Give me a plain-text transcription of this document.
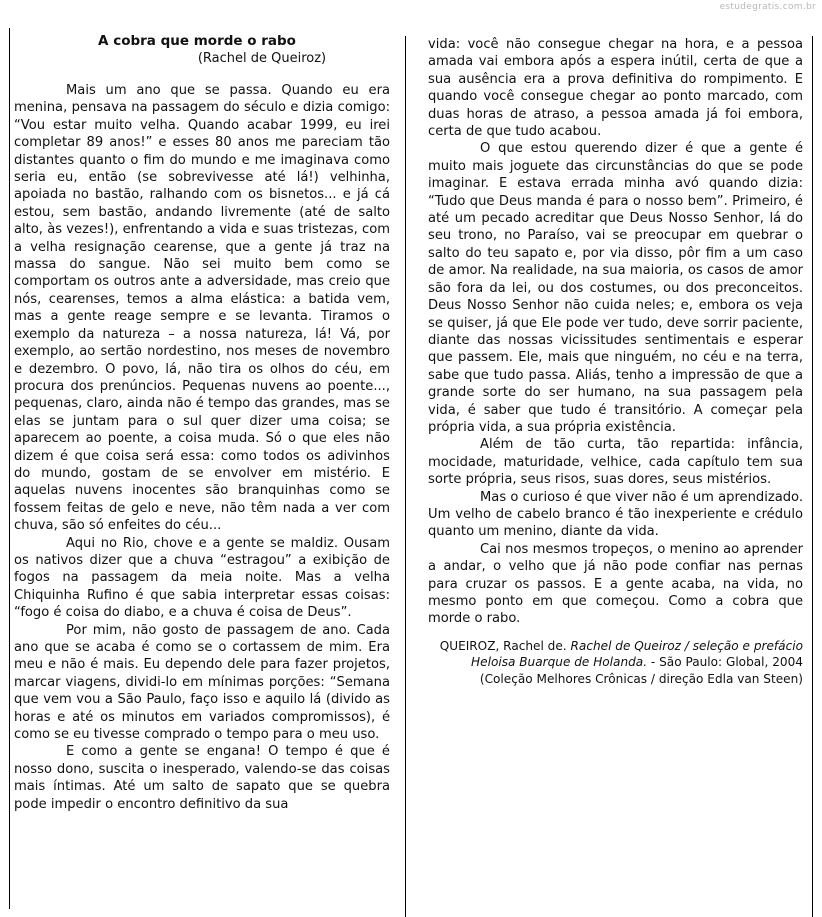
estudegratis.com.br
A cobra que morde o rabo

(Rachel de Queiroz)

Mais um ano que se passa. Quando eu era menina, pensava na passagem do século e dizia comigo: “Vou estar muito velha. Quando acabar 1999, eu irei completar 89 anos!” e esses 80 anos me pareciam tão distantes quanto o fim do mundo e me imaginava como seria eu, então (se sobrevivesse até lá!) velhinha, apoiada no bastão, ralhando com os bisnetos... e já cá estou, sem bastão, andando livremente (até de salto alto, às vezes!), enfrentando a vida e suas tristezas, com a velha resignação cearense, que a gente já traz na massa do sangue. Não sei muito bem como se comportam os outros ante a adversidade, mas creio que nós, cearenses, temos a alma elástica: a batida vem, mas a gente reage sempre e se levanta. Tiramos o exemplo da natureza – a nossa natureza, lá! Vá, por exemplo, ao sertão nordestino, nos meses de novembro e dezembro. O povo, lá, não tira os olhos do céu, em procura dos prenúncios. Pequenas nuvens ao poente..., pequenas, claro, ainda não é tempo das grandes, mas se elas se juntam para o sul quer dizer uma coisa; se aparecem ao poente, a coisa muda. Só o que eles não dizem é que coisa será essa: como todos os adivinhos do mundo, gostam de se envolver em mistério. E aquelas nuvens inocentes são branquinhas como se fossem feitas de gelo e neve, não têm nada a ver com chuva, são só enfeites do céu...

Aqui no Rio, chove e a gente se maldiz. Ousam os nativos dizer que a chuva “estragou” a exibição de fogos na passagem da meia noite. Mas a velha Chiquinha Rufino é que sabia interpretar essas coisas: “fogo é coisa do diabo, e a chuva é coisa de Deus”.

Por mim, não gosto de passagem de ano. Cada ano que se acaba é como se o cortassem de mim. Era meu e não é mais. Eu dependo dele para fazer projetos, marcar viagens, dividi-lo em mínimas porções: “Semana que vem vou a São Paulo, faço isso e aquilo lá (divido as horas e até os minutos em variados compromissos), é como se eu tivesse comprado o tempo para o meu uso.

E como a gente se engana! O tempo é que é nosso dono, suscita o inesperado, valendo-se das coisas mais íntimas. Até um salto de sapato que se quebra pode impedir o encontro definitivo da sua

vida: você não consegue chegar na hora, e a pessoa amada vai embora após a espera inútil, certa de que a sua ausência era a prova definitiva do rompimento. E quando você consegue chegar ao ponto marcado, com duas horas de atraso, a pessoa amada já foi embora, certa de que tudo acabou.

O que estou querendo dizer é que a gente é muito mais joguete das circunstâncias do que se pode imaginar. E estava errada minha avó quando dizia: “Tudo que Deus manda é para o nosso bem”. Primeiro, é até um pecado acreditar que Deus Nosso Senhor, lá do seu trono, no Paraíso, vai se preocupar em quebrar o salto do teu sapato e, por via disso, pôr fim a um caso de amor. Na realidade, na sua maioria, os casos de amor são fora da lei, ou dos costumes, ou dos preconceitos. Deus Nosso Senhor não cuida neles; e, embora os veja se quiser, já que Ele pode ver tudo, deve sorrir paciente, diante das nossas vicissitudes sentimentais e esperar que passem. Ele, mais que ninguém, no céu e na terra, sabe que tudo passa. Aliás, tenho a impressão de que a grande sorte do ser humano, na sua passagem pela vida, é saber que tudo é transitório. A começar pela própria vida, a sua própria existência.

Além de tão curta, tão repartida: infância, mocidade, maturidade, velhice, cada capítulo tem sua sorte própria, seus risos, suas dores, seus mistérios.

Mas o curioso é que viver não é um aprendizado. Um velho de cabelo branco é tão inexperiente e crédulo quanto um menino, diante da vida.

Cai nos mesmos tropeços, o menino ao aprender a andar, o velho que já não pode confiar nas pernas para cruzar os passos. E a gente acaba, na vida, no mesmo ponto em que começou. Como a cobra que morde o rabo.

QUEIROZ, Rachel de. Rachel de Queiroz / seleção e prefácio
Heloisa Buarque de Holanda. - São Paulo: Global, 2004
(Coleção Melhores Crônicas / direção Edla van Steen)
